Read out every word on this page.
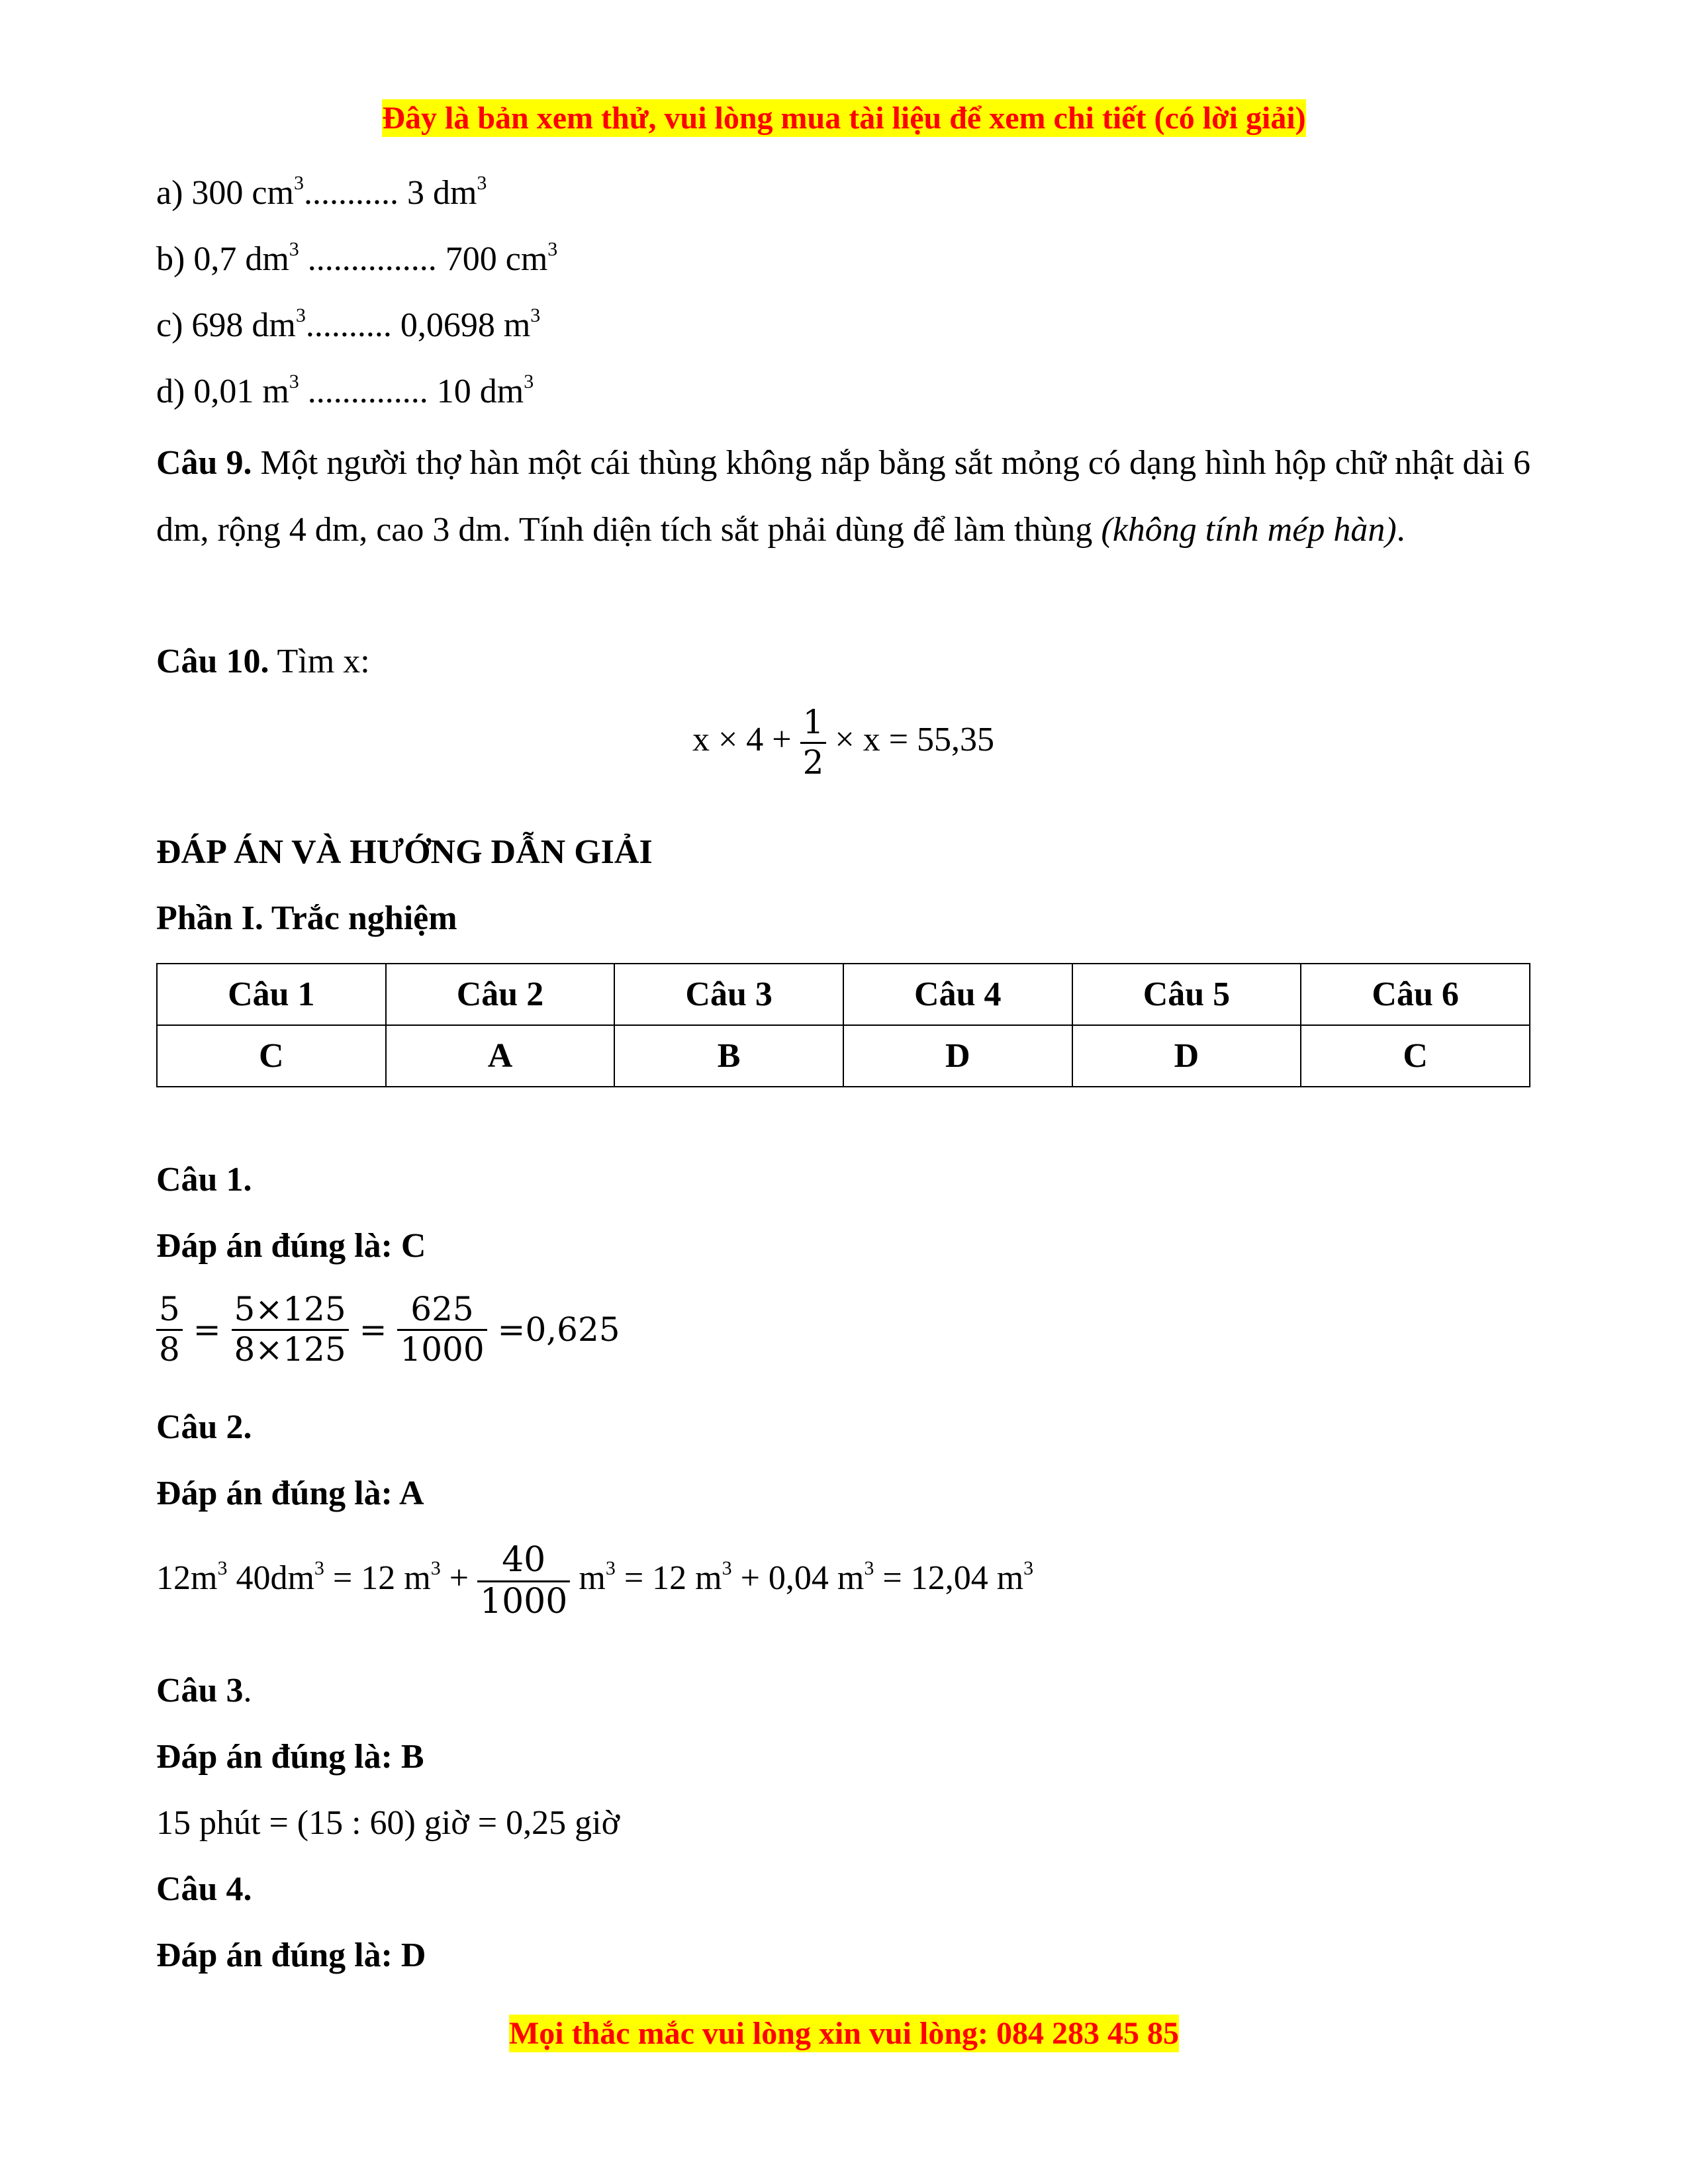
Đây là bản xem thử, vui lòng mua tài liệu để xem chi tiết (có lời giải)
a) 300 $cm^3$........... 3 $dm^3$
b) 0,7 $dm^3$ ............... 700 $cm^3$
c) 698 $dm^3$.......... 0,0698 $m^3$
d) 0,01 $m^3$ .............. 10 $dm^3$
Câu 9. Một người thợ hàn một cái thùng không nắp bằng sắt mỏng có dạng hình hộp chữ nhật dài 6 dm, rộng 4 dm, cao 3 dm. Tính diện tích sắt phải dùng để làm thùng (không tính mép hàn).
Câu 10. Tìm x:
$x \times 4 + \frac{1}{2} \times x = 55,35$
ĐÁP ÁN VÀ HƯỚNG DẪN GIẢI
Phần I. Trắc nghiệm
Câu 1	Câu 2	Câu 3	Câu 4	Câu 5	Câu 6
C	A	B	D	D	C
Câu 1.
Đáp án đúng là: C
$\frac{5}{8} = \frac{5\times 125}{8\times 125} = \frac{625}{1000} =0,625$
Câu 2.
Đáp án đúng là: A
$12m^3$ $40dm^3 = 12$ $m^3 + \frac{40}{1000} m^3 = 12$ $m^3 + 0,04$ $m^3 = 12,04$ $m^3$
Câu 3.
Đáp án đúng là: B
15 phút = (15 : 60) giờ = 0,25 giờ
Câu 4.
Đáp án đúng là: D
Mọi thắc mắc vui lòng xin vui lòng: 084 283 45 85
